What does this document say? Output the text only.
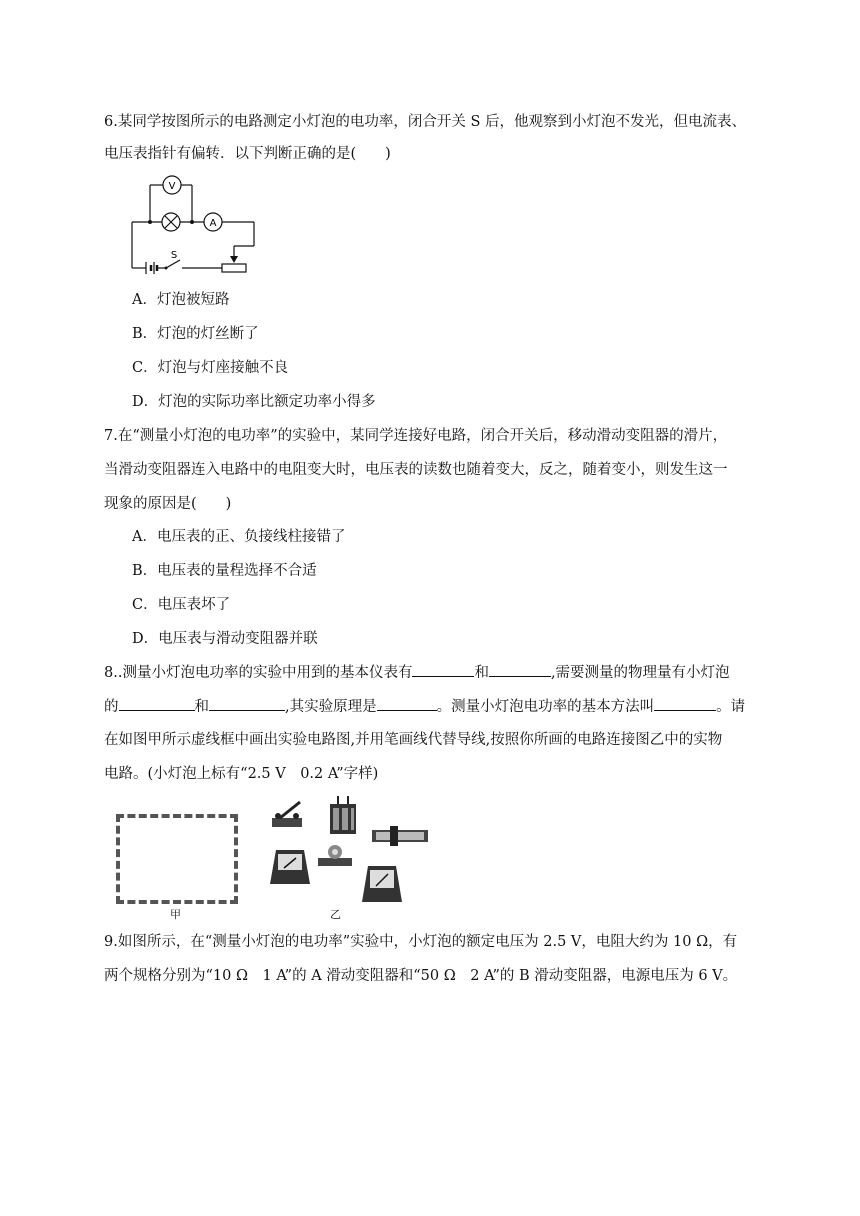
6.某同学按图所示的电路测定小灯泡的电功率，闭合开关 S 后，他观察到小灯泡不发光，但电流表、
电压表指针有偏转．以下判断正确的是(　　)
V
A
S
A．灯泡被短路
B．灯泡的灯丝断了
C．灯泡与灯座接触不良
D．灯泡的实际功率比额定功率小得多
7.在“测量小灯泡的电功率”的实验中，某同学连接好电路，闭合开关后，移动滑动变阻器的滑片，
当滑动变阻器连入电路中的电阻变大时，电压表的读数也随着变大，反之，随着变小，则发生这一
现象的原因是(　　)
A．电压表的正、负接线柱接错了
B．电压表的量程选择不合适
C．电压表坏了
D．电压表与滑动变阻器并联
8..测量小灯泡电功率的实验中用到的基本仪表有	和	,需要测量的物理量有小灯泡
的	和	,其实验原理是	。测量小灯泡电功率的基本方法叫	。请
在如图甲所示虚线框中画出实验电路图,并用笔画线代替导线,按照你所画的电路连接图乙中的实物
电路。(小灯泡上标有“2.5 V　0.2 A”字样)
甲	乙
9.如图所示，在“测量小灯泡的电功率”实验中，小灯泡的额定电压为 2.5 V，电阻大约为 10 Ω，有
两个规格分别为“10 Ω　1 A”的 A 滑动变阻器和“50 Ω　2 A”的 B 滑动变阻器，电源电压为 6 V。
